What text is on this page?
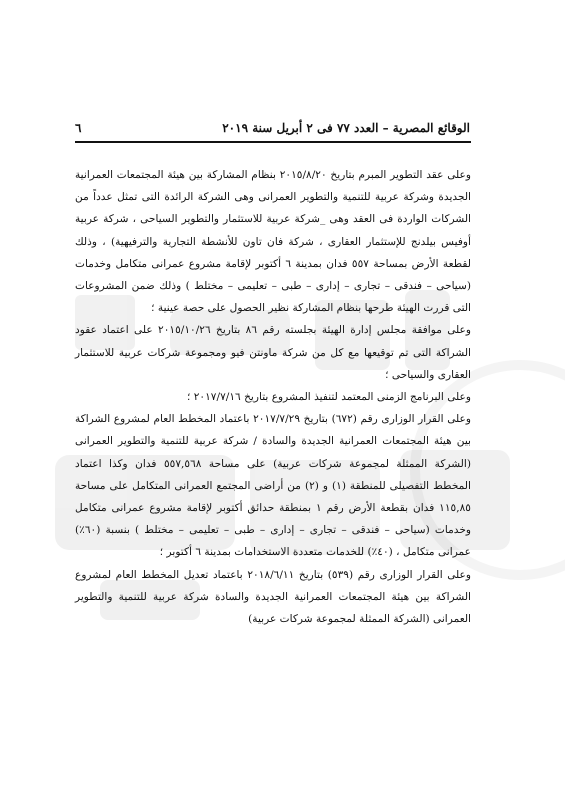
٦	الوقائع المصرية – العدد ٧٧ فى ٢ أبريل سنة ٢٠١٩

وعلى عقد التطوير المبرم بتاريخ ٢٠١٥/٨/٢٠ بنظام المشاركة بين هيئة المجتمعات العمرانية الجديدة وشركة عربية للتنمية والتطوير العمرانى وهى الشركة الرائدة التى تمثل عدداً من الشركات الواردة فى العقد وهى _شركة عربية للاستثمار والتطوير السياحى ، شركة عربية أوفيس بيلدنج للإستثمار العقارى ، شركة فان تاون للأنشطة التجارية والترفيهية) ، وذلك لقطعة الأرض بمساحة ٥٥٧ فدان بمدينة ٦ أكتوبر لإقامة مشروع عمرانى متكامل وخدمات (سياحى – فندقى – تجارى – إدارى – طبى – تعليمى – مختلط ) وذلك ضمن المشروعات التى قررت الهيئة طرحها بنظام المشاركة نظير الحصول على حصة عينية ؛

وعلى موافقة مجلس إدارة الهيئة بجلسته رقم ٨٦ بتاريخ ٢٠١٥/١٠/٢٦ على اعتماد عقود الشراكة التى تم توقيعها مع كل من شركة ماونتن فيو ومجموعة شركات عربية للاستثمار العقارى والسياحى ؛

وعلى البرنامج الزمنى المعتمد لتنفيذ المشروع بتاريخ ٢٠١٧/٧/١٦ ؛

وعلى القرار الوزارى رقم (٦٧٢) بتاريخ ٢٠١٧/٧/٢٩ باعتماد المخطط العام لمشروع الشراكة بين هيئة المجتمعات العمرانية الجديدة والسادة / شركة عربية للتنمية والتطوير العمرانى (الشركة الممثلة لمجموعة شركات عربية) على مساحة ٥٥٧,٥٦٨ فدان وكذا اعتماد المخطط التفصيلى للمنطقة (١) و (٢) من أراضى المجتمع العمرانى المتكامل على مساحة ١١٥,٨٥ فدان بقطعة الأرض رقم ١ بمنطقة حدائق أكتوبر لإقامة مشروع عمرانى متكامل وخدمات (سياحى – فندقى – تجارى – إدارى – طبى – تعليمى – مختلط ) بنسبة (٦٠٪) عمرانى متكامل ، (٤٠٪) للخدمات متعددة الاستخدامات بمدينة ٦ أكتوبر ؛

وعلى القرار الوزارى رقم (٥٣٩) بتاريخ ٢٠١٨/٦/١١ باعتماد تعديل المخطط العام لمشروع الشراكة بين هيئة المجتمعات العمرانية الجديدة والسادة شركة عربية للتنمية والتطوير العمرانى (الشركة الممثلة لمجموعة شركات عربية)
